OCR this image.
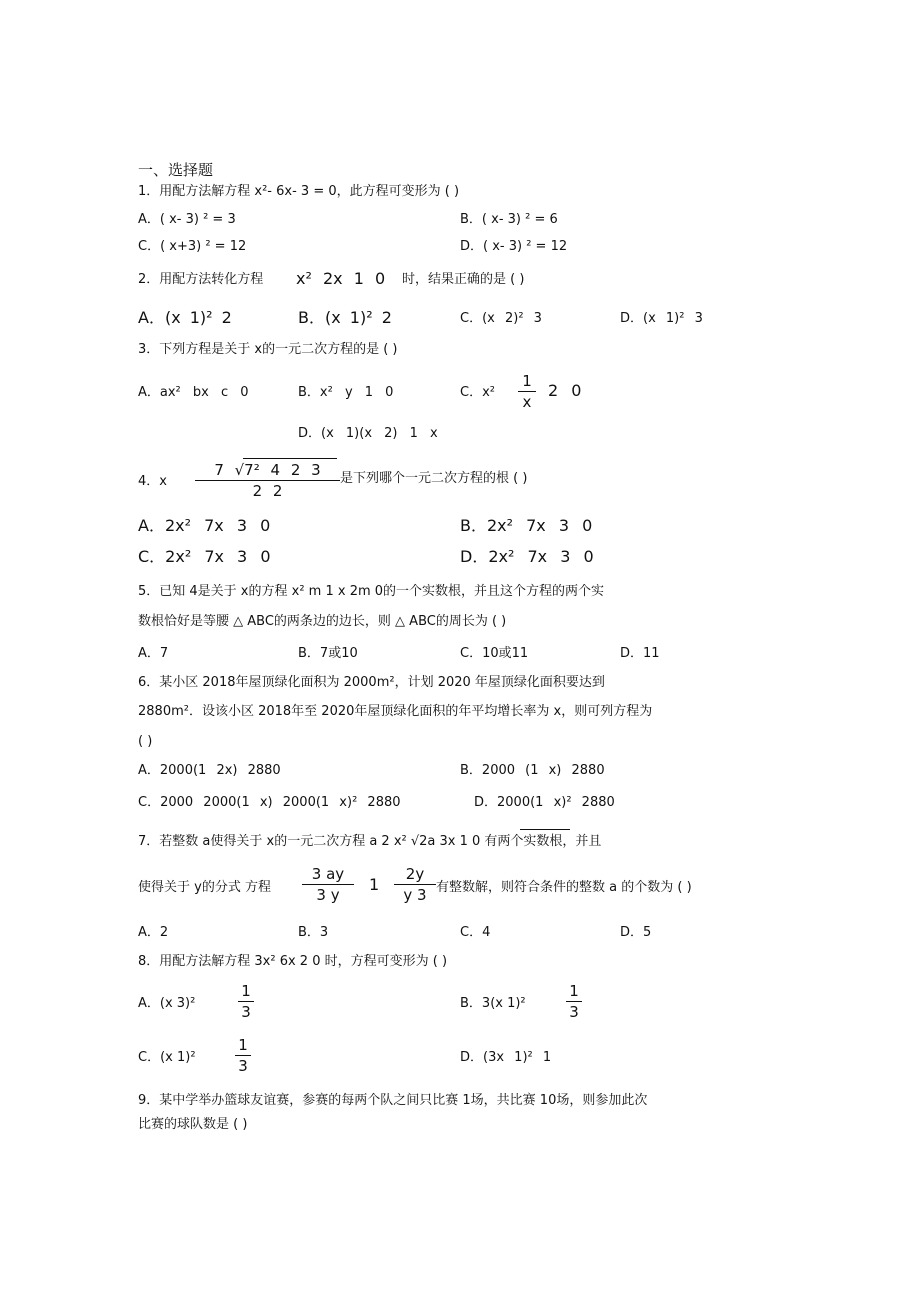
一、选择题
1．用配方法解方程 x²- 6x- 3 = 0，此方程可变形为 ( )
A．( x- 3) ² = 3	B．( x- 3) ² = 6
C．( x+3) ² = 12	D．( x- 3) ² = 12
2．用配方法转化方程 x² 2x 1 0 时，结果正确的是 ( )
A．(x 1)² 2	B．(x 1)² 2	C．(x 2)² 3	D．(x 1)² 3
3．下列方程是关于 x的一元二次方程的是 ( )
A．ax² bx c 0	B．x² y 1 0	C．x²
1
x
2 0
D．(x 1)(x 2) 1 x
4．x
7 √7² 4 2 3
2 2
是下列哪个一元二次方程的根 ( )
A．2x² 7x 3 0	B．2x² 7x 3 0
C．2x² 7x 3 0	D．2x² 7x 3 0
5．已知 4是关于 x的方程 x² m 1 x 2m 0的一个实数根，并且这个方程的两个实
数根恰好是等腰 △ ABC的两条边的边长，则 △ ABC的周长为 ( )
A．7	B．7或10	C．10或11	D．11
6．某小区 2018年屋顶绿化面积为 2000m²，计划 2020 年屋顶绿化面积要达到
2880m²．设该小区 2018年至 2020年屋顶绿化面积的年平均增长率为 x，则可列方程为
( )
A．2000(1 2x) 2880	B．2000 (1 x) 2880
C．2000 2000(1 x) 2000(1 x)² 2880	D．2000(1 x)² 2880
7．若整数 a使得关于 x的一元二次方程 a 2 x² √2a 3x 1 0 有两个实数根，并且
使得关于 y的分式 方程
3 ay
3 y
1
2y
y 3 有整数解，则符合条件的整数 a 的个数为 ( )
A．2	B．3	C．4	D．5
8．用配方法解方程 3x² 6x 2 0 时，方程可变形为 ( )
A．(x 3)²
1
3	B．3(x 1)²
1
3
C．(x 1)²
1
3	D．(3x 1)² 1
9．某中学举办篮球友谊赛，参赛的每两个队之间只比赛 1场，共比赛 10场，则参加此次
比赛的球队数是 ( )
